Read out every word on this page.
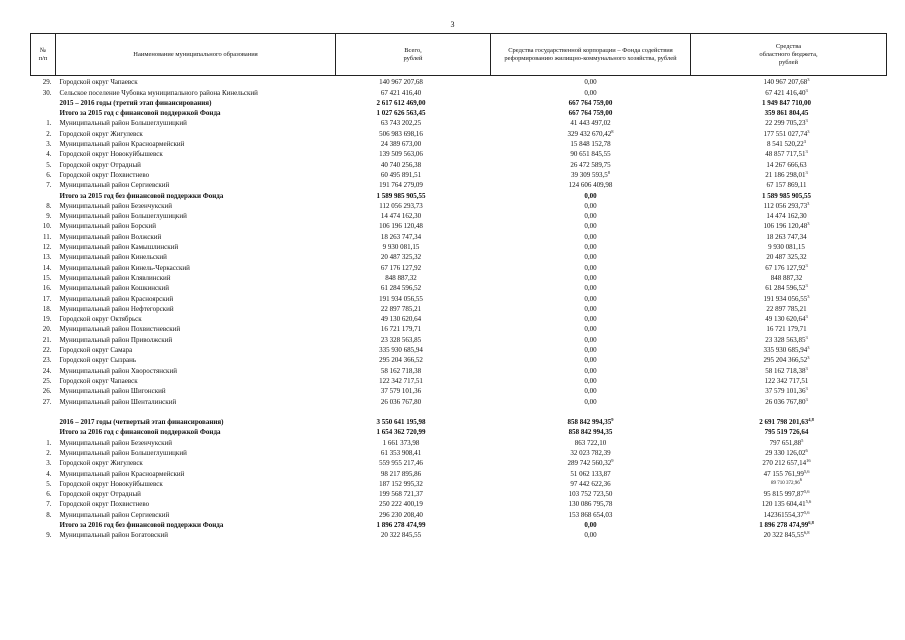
3
№
п/п	Наименование муниципального образования	Всего,
рублей	Средства государственной корпорации – Фонда содействия реформированию жилищно-коммунального хозяйства, рублей	Средства
областного бюджета,
рублей
29.	Городской округ Чапаевск	140 967 207,68	0,00	140 967 207,68$^3$
30.	Сельское поселение Чубовка муниципального района Кинельский	67 421 416,40	0,00	67 421 416,40$^3$
	2015 – 2016 годы (третий этап финансирования)	2 617 612 469,00	667 764 759,00	1 949 847 710,00
	Итого за 2015 год с финансовой поддержкой Фонда	1 027 626 563,45	667 764 759,00	359 861 804,45
1.	Муниципальный район Большеглушицкий	63 743 202,25	41 443 497,02	22 299 705,23$^3$
2.	Городской округ Жигулевск	506 983 698,16	329 432 670,42$^8$	177 551 027,74$^3$
3.	Муниципальный район Красноармейский	24 389 673,00	15 848 152,78	8 541 520,22$^3$
4.	Городской округ Новокуйбышевск	139 509 563,06	90 651 845,55	48 857 717,51$^3$
5.	Городской округ Отрадный	40 740 256,38	26 472 589,75	14 267 666,63
6.	Городской округ Похвистнево	60 495 891,51	39 309 593,5$^8$	21 186 298,01$^3$
7.	Муниципальный район Сергиевский	191 764 279,09	124 606 409,98	67 157 869,11
	Итого за 2015 год без финансовой поддержки Фонда	1 589 985 905,55	0,00	1 589 985 905,55
8.	Муниципальный район Безенчукский	112 056 293,73	0,00	112 056 293,73$^3$
9.	Муниципальный район Большеглушицкий	14 474 162,30	0,00	14 474 162,30
10.	Муниципальный район Борский	106 196 120,48	0,00	106 196 120,48$^3$
11.	Муниципальный район Волжский	18 263 747,34	0,00	18 263 747,34
12.	Муниципальный район Камышлинский	9 930 081,15	0,00	9 930 081,15
13.	Муниципальный район Кинельский	20 487 325,32	0,00	20 487 325,32
14.	Муниципальный район Кинель-Черкасский	67 176 127,92	0,00	67 176 127,92$^3$
15.	Муниципальный район Клявлинский	848 887,32	0,00	848 887,32
16.	Муниципальный район Кошкинский	61 284 596,52	0,00	61 284 596,52$^3$
17.	Муниципальный район Красноярский	191 934 056,55	0,00	191 934 056,55$^3$
18.	Муниципальный район Нефтегорский	22 897 785,21	0,00	22 897 785,21
19.	Городской округ Октябрьск	49 130 620,64	0,00	49 130 620,64$^3$
20.	Муниципальный район Похвистневский	16 721 179,71	0,00	16 721 179,71
21.	Муниципальный район Приволжский	23 328 563,85	0,00	23 328 563,85$^3$
22.	Городской округ Самара	335 930 685,94	0,00	335 930 685,94$^3$
23.	Городской округ Сызрань	295 204 366,52	0,00	295 204 366,52$^3$
24.	Муниципальный район Хворостянский	58 162 718,38	0,00	58 162 718,38$^3$
25.	Городской округ Чапаевск	122 342 717,51	0,00	122 342 717,51
26.	Муниципальный район Шигонский	37 579 101,36	0,00	37 579 101,36$^3$
27.	Муниципальный район Шенталинский	26 036 767,80	0,00	26 036 767,80$^3$

	2016 – 2017 годы (четвертый этап финансирования)	3 550 641 195,98	858 842 994,35$^9$	2 691 798 201,63$^{4,8}$
	Итого за 2016 год с финансовой поддержкой Фонда	1 654 362 720,99	858 842 994,35	795 519 726,64
1.	Муниципальный район Безенчукский	1 661 373,98	863 722,10	797 651,88$^5$
2.	Муниципальный район Большеглушицкий	61 353 908,41	32 023 782,39	29 330 126,02$^6$
3.	Городской округ Жигулевск	559 955 217,46	289 742 560,32$^9$	270 212 657,14$^{16}$
4.	Муниципальный район Красноармейский	98 217 895,86	51 062 133,87	47 155 761,99$^{5,6}$
5.	Городской округ Новокуйбышевск	187 152 995,32	97 442 622,36	89 710 372,96$^6$
6.	Городской округ Отрадный	199 568 721,37	103 752 723,50	95 815 997,87$^{5,6}$
7.	Городской округ Похвистнево	250 222 400,19	130 086 795,78	120 135 604,41$^{5,6}$
8.	Муниципальный район Сергиевский	296 230 208,40	153 868 654,03	142361554,37$^{5,6}$
	Итого за 2016 год без финансовой поддержки Фонда	1 896 278 474,99	0,00	1 896 278 474,99$^{6,8}$
9.	Муниципальный район Богатовский	20 322 845,55	0,00	20 322 845,55$^{6,8}$
